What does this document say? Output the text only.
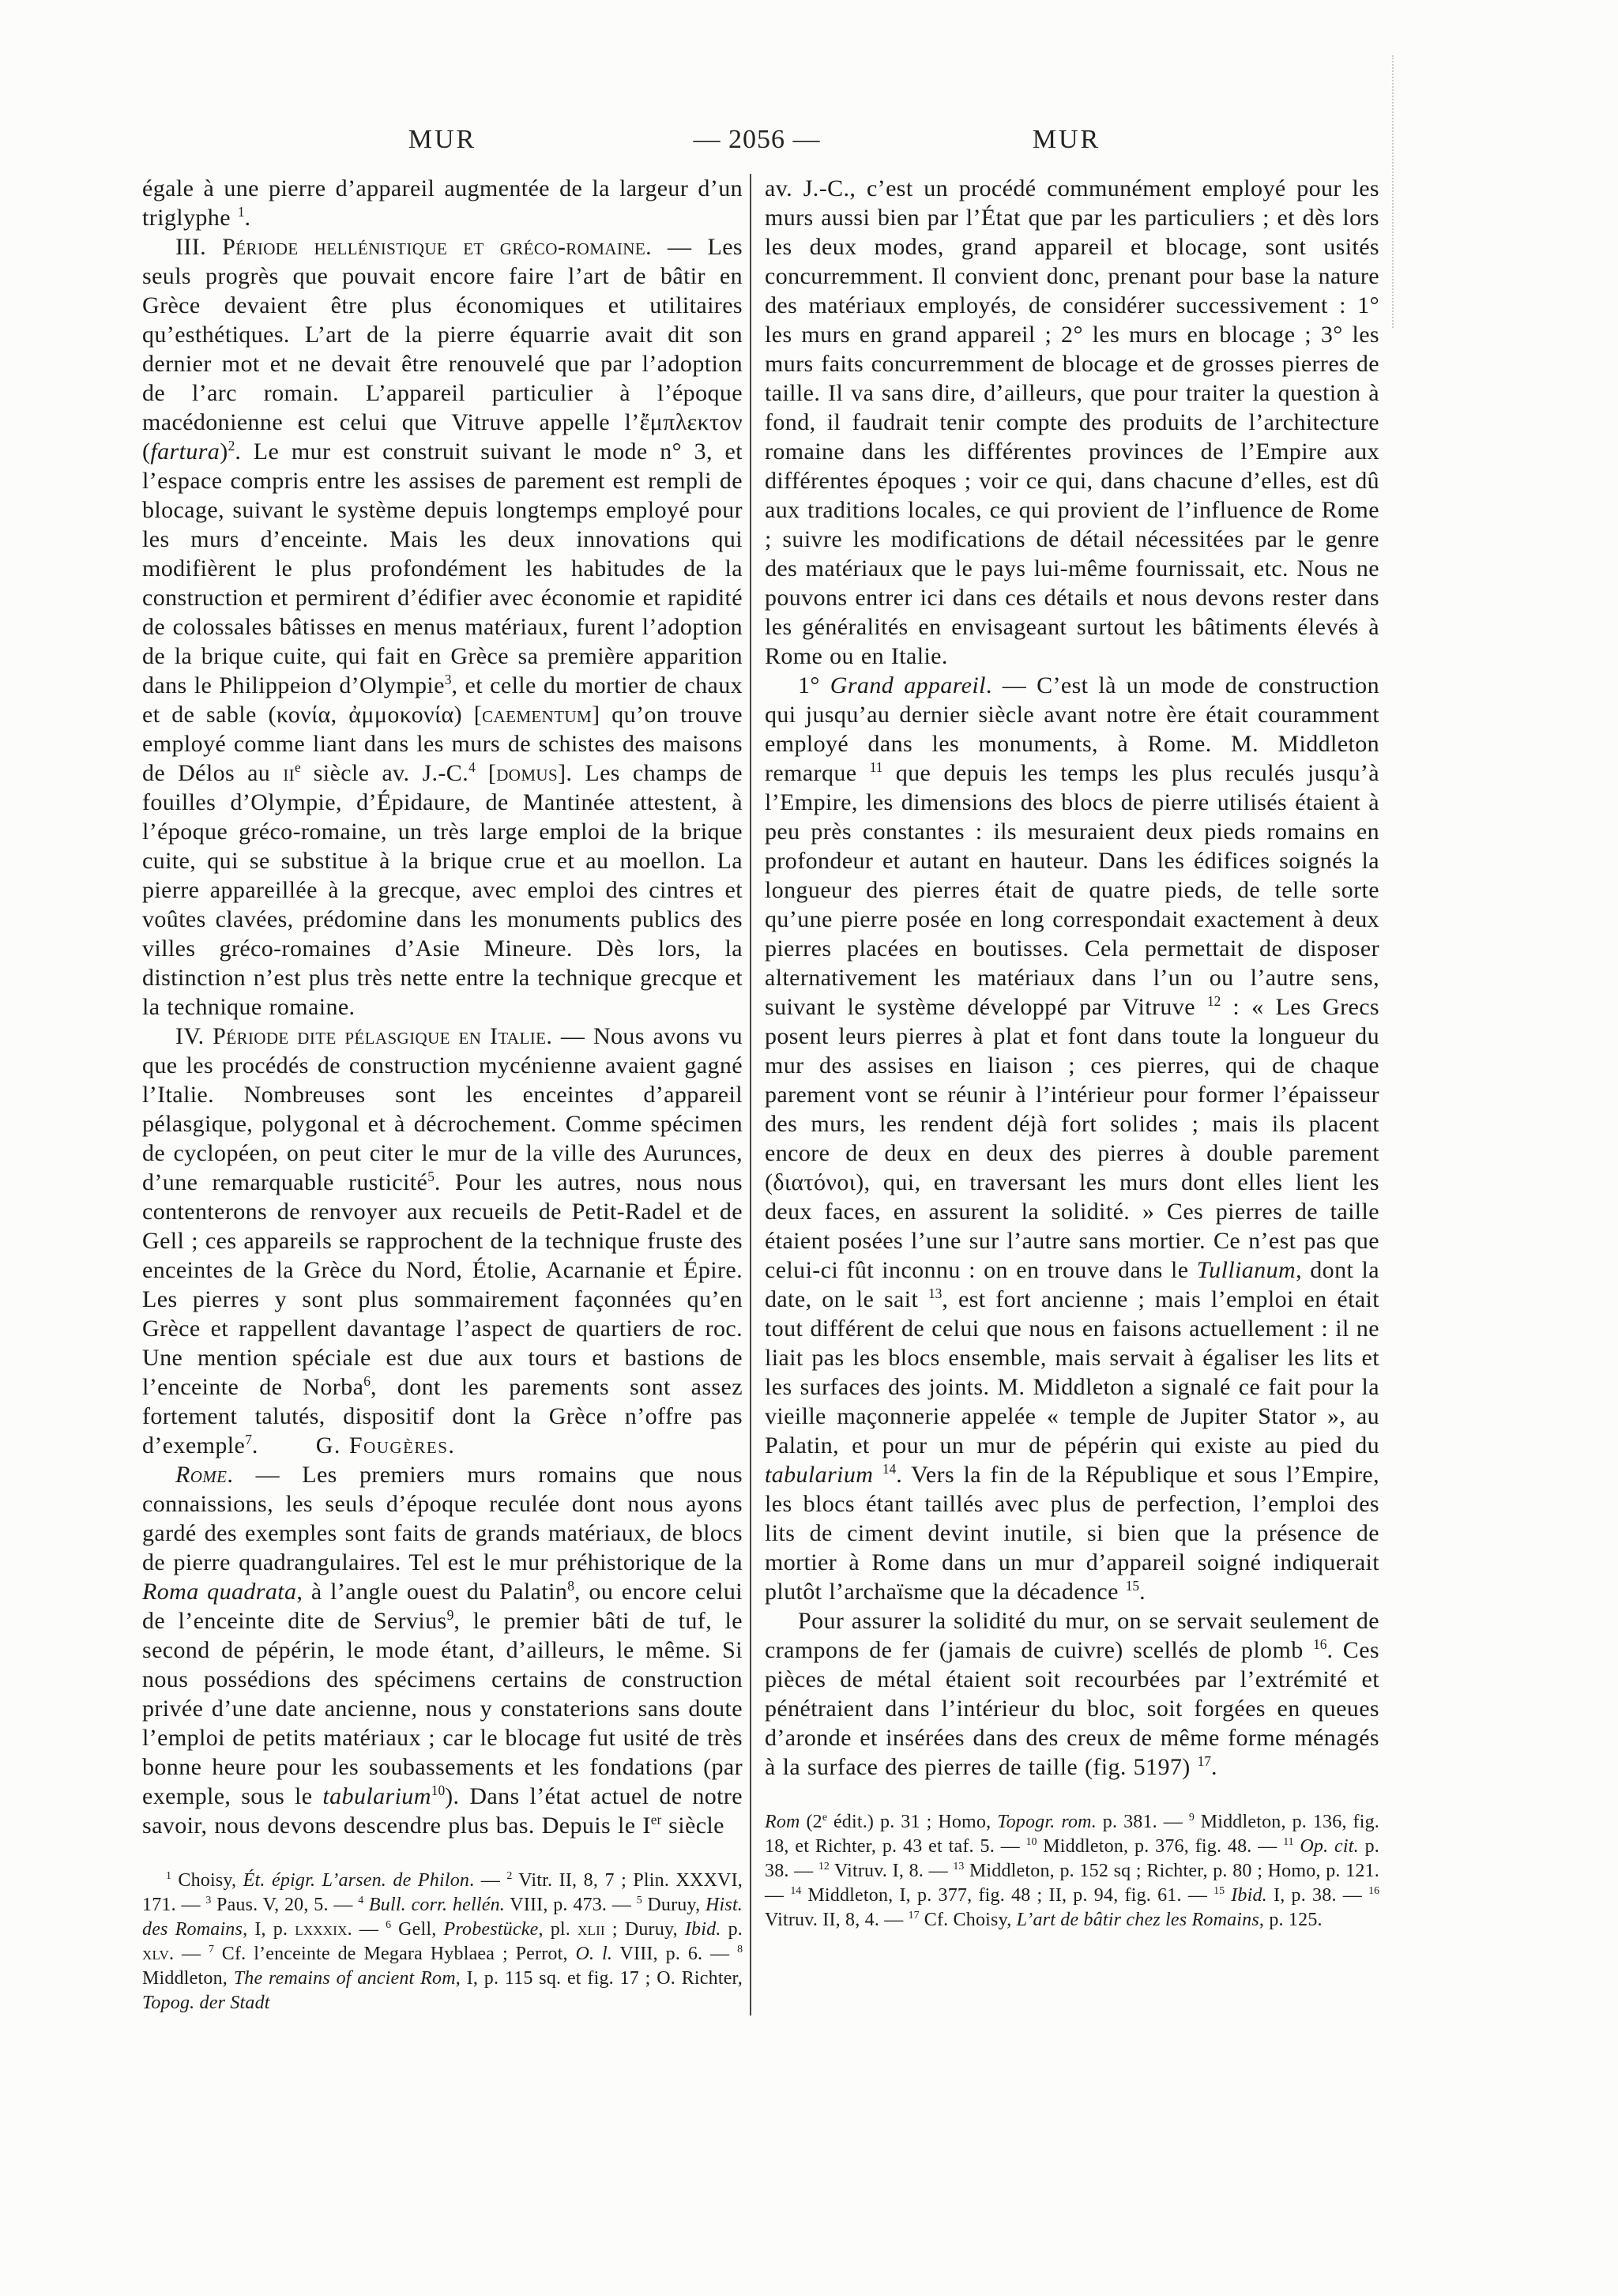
MUR	— 2056 —	MUR

égale à une pierre d’appareil augmentée de la largeur d’un triglyphe $^1$.

III. Période hellénistique et gréco-romaine. — Les seuls progrès que pouvait encore faire l’art de bâtir en Grèce devaient être plus économiques et utilitaires qu’esthétiques. L’art de la pierre équarrie avait dit son dernier mot et ne devait être renouvelé que par l’adoption de l’arc romain. L’appareil particulier à l’époque macédonienne est celui que Vitruve appelle l’ἔμπλεκτον (fartura)$^2$. Le mur est construit suivant le mode n° 3, et l’espace compris entre les assises de parement est rempli de blocage, suivant le système depuis longtemps employé pour les murs d’enceinte. Mais les deux innovations qui modifièrent le plus profondément les habitudes de la construction et permirent d’édifier avec économie et rapidité de colossales bâtisses en menus matériaux, furent l’adoption de la brique cuite, qui fait en Grèce sa première apparition dans le Philippeion d’Olympie$^3$, et celle du mortier de chaux et de sable (κονία, ἀμμοκονία) [caementum] qu’on trouve employé comme liant dans les murs de schistes des maisons de Délos au $ii^e$ siècle av. J.-C.$^4$ [domus]. Les champs de fouilles d’Olympie, d’Épidaure, de Mantinée attestent, à l’époque gréco-romaine, un très large emploi de la brique cuite, qui se substitue à la brique crue et au moellon. La pierre appareillée à la grecque, avec emploi des cintres et voûtes clavées, prédomine dans les monuments publics des villes gréco-romaines d’Asie Mineure. Dès lors, la distinction n’est plus très nette entre la technique grecque et la technique romaine.

IV. Période dite pélasgique en Italie. — Nous avons vu que les procédés de construction mycénienne avaient gagné l’Italie. Nombreuses sont les enceintes d’appareil pélasgique, polygonal et à décrochement. Comme spécimen de cyclopéen, on peut citer le mur de la ville des Aurunces, d’une remarquable rusticité$^5$. Pour les autres, nous nous contenterons de renvoyer aux recueils de Petit-Radel et de Gell ; ces appareils se rapprochent de la technique fruste des enceintes de la Grèce du Nord, Étolie, Acarnanie et Épire. Les pierres y sont plus sommairement façonnées qu’en Grèce et rappellent davantage l’aspect de quartiers de roc. Une mention spéciale est due aux tours et bastions de l’enceinte de Norba$^6$, dont les parements sont assez fortement talutés, dispositif dont la Grèce n’offre pas d’exemple$^7$. G. Fougères.

Rome. — Les premiers murs romains que nous connaissions, les seuls d’époque reculée dont nous ayons gardé des exemples sont faits de grands matériaux, de blocs de pierre quadrangulaires. Tel est le mur préhistorique de la Roma quadrata, à l’angle ouest du Palatin$^8$, ou encore celui de l’enceinte dite de Servius$^9$, le premier bâti de tuf, le second de pépérin, le mode étant, d’ailleurs, le même. Si nous possédions des spécimens certains de construction privée d’une date ancienne, nous y constaterions sans doute l’emploi de petits matériaux ; car le blocage fut usité de très bonne heure pour les soubassements et les fondations (par exemple, sous le tabularium$^{10}$). Dans l’état actuel de notre savoir, nous devons descendre plus bas. Depuis le Ier siècle

$^1$ Choisy, Ét. épigr. L’arsen. de Philon. — $^2$ Vitr. II, 8, 7 ; Plin. XXXVI, 171. — $^3$ Paus. V, 20, 5. — $^4$ Bull. corr. hellén. VIII, p. 473. — $^5$ Duruy, Hist. des Romains, I, p. lxxxix. — $^6$ Gell, Probestücke, pl. xlii ; Duruy, Ibid. p. xlv. — $^7$ Cf. l’enceinte de Megara Hyblaea ; Perrot, O. l. VIII, p. 6. — $^8$ Middleton, The remains of ancient Rom, I, p. 115 sq. et fig. 17 ; O. Richter, Topog. der Stadt

av. J.-C., c’est un procédé communément employé pour les murs aussi bien par l’État que par les particuliers ; et dès lors les deux modes, grand appareil et blocage, sont usités concurremment. Il convient donc, prenant pour base la nature des matériaux employés, de considérer successivement : 1° les murs en grand appareil ; 2° les murs en blocage ; 3° les murs faits concurremment de blocage et de grosses pierres de taille. Il va sans dire, d’ailleurs, que pour traiter la question à fond, il faudrait tenir compte des produits de l’architecture romaine dans les différentes provinces de l’Empire aux différentes époques ; voir ce qui, dans chacune d’elles, est dû aux traditions locales, ce qui provient de l’influence de Rome ; suivre les modifications de détail nécessitées par le genre des matériaux que le pays lui-même fournissait, etc. Nous ne pouvons entrer ici dans ces détails et nous devons rester dans les généralités en envisageant surtout les bâtiments élevés à Rome ou en Italie.

1° Grand appareil. — C’est là un mode de construction qui jusqu’au dernier siècle avant notre ère était couramment employé dans les monuments, à Rome. M. Middleton remarque $^{11}$ que depuis les temps les plus reculés jusqu’à l’Empire, les dimensions des blocs de pierre utilisés étaient à peu près constantes : ils mesuraient deux pieds romains en profondeur et autant en hauteur. Dans les édifices soignés la longueur des pierres était de quatre pieds, de telle sorte qu’une pierre posée en long correspondait exactement à deux pierres placées en boutisses. Cela permettait de disposer alternativement les matériaux dans l’un ou l’autre sens, suivant le système développé par Vitruve $^{12}$ : « Les Grecs posent leurs pierres à plat et font dans toute la longueur du mur des assises en liaison ; ces pierres, qui de chaque parement vont se réunir à l’intérieur pour former l’épaisseur des murs, les rendent déjà fort solides ; mais ils placent encore de deux en deux des pierres à double parement (διατόνοι), qui, en traversant les murs dont elles lient les deux faces, en assurent la solidité. » Ces pierres de taille étaient posées l’une sur l’autre sans mortier. Ce n’est pas que celui-ci fût inconnu : on en trouve dans le Tullianum, dont la date, on le sait $^{13}$, est fort ancienne ; mais l’emploi en était tout différent de celui que nous en faisons actuellement : il ne liait pas les blocs ensemble, mais servait à égaliser les lits et les surfaces des joints. M. Middleton a signalé ce fait pour la vieille maçonnerie appelée « temple de Jupiter Stator », au Palatin, et pour un mur de pépérin qui existe au pied du tabularium $^{14}$. Vers la fin de la République et sous l’Empire, les blocs étant taillés avec plus de perfection, l’emploi des lits de ciment devint inutile, si bien que la présence de mortier à Rome dans un mur d’appareil soigné indiquerait plutôt l’archaïsme que la décadence $^{15}$.

Pour assurer la solidité du mur, on se servait seulement de crampons de fer (jamais de cuivre) scellés de plomb $^{16}$. Ces pièces de métal étaient soit recourbées par l’extrémité et pénétraient dans l’intérieur du bloc, soit forgées en queues d’aronde et insérées dans des creux de même forme ménagés à la surface des pierres de taille (fig. 5197) $^{17}$.

Rom (2e édit.) p. 31 ; Homo, Topogr. rom. p. 381. — $^9$ Middleton, p. 136, fig. 18, et Richter, p. 43 et taf. 5. — $^{10}$ Middleton, p. 376, fig. 48. — $^{11}$ Op. cit. p. 38. — $^{12}$ Vitruv. I, 8. — $^{13}$ Middleton, p. 152 sq ; Richter, p. 80 ; Homo, p. 121. — $^{14}$ Middleton, I, p. 377, fig. 48 ; II, p. 94, fig. 61. — $^{15}$ Ibid. I, p. 38. — $^{16}$ Vitruv. II, 8, 4. — $^{17}$ Cf. Choisy, L’art de bâtir chez les Romains, p. 125.
